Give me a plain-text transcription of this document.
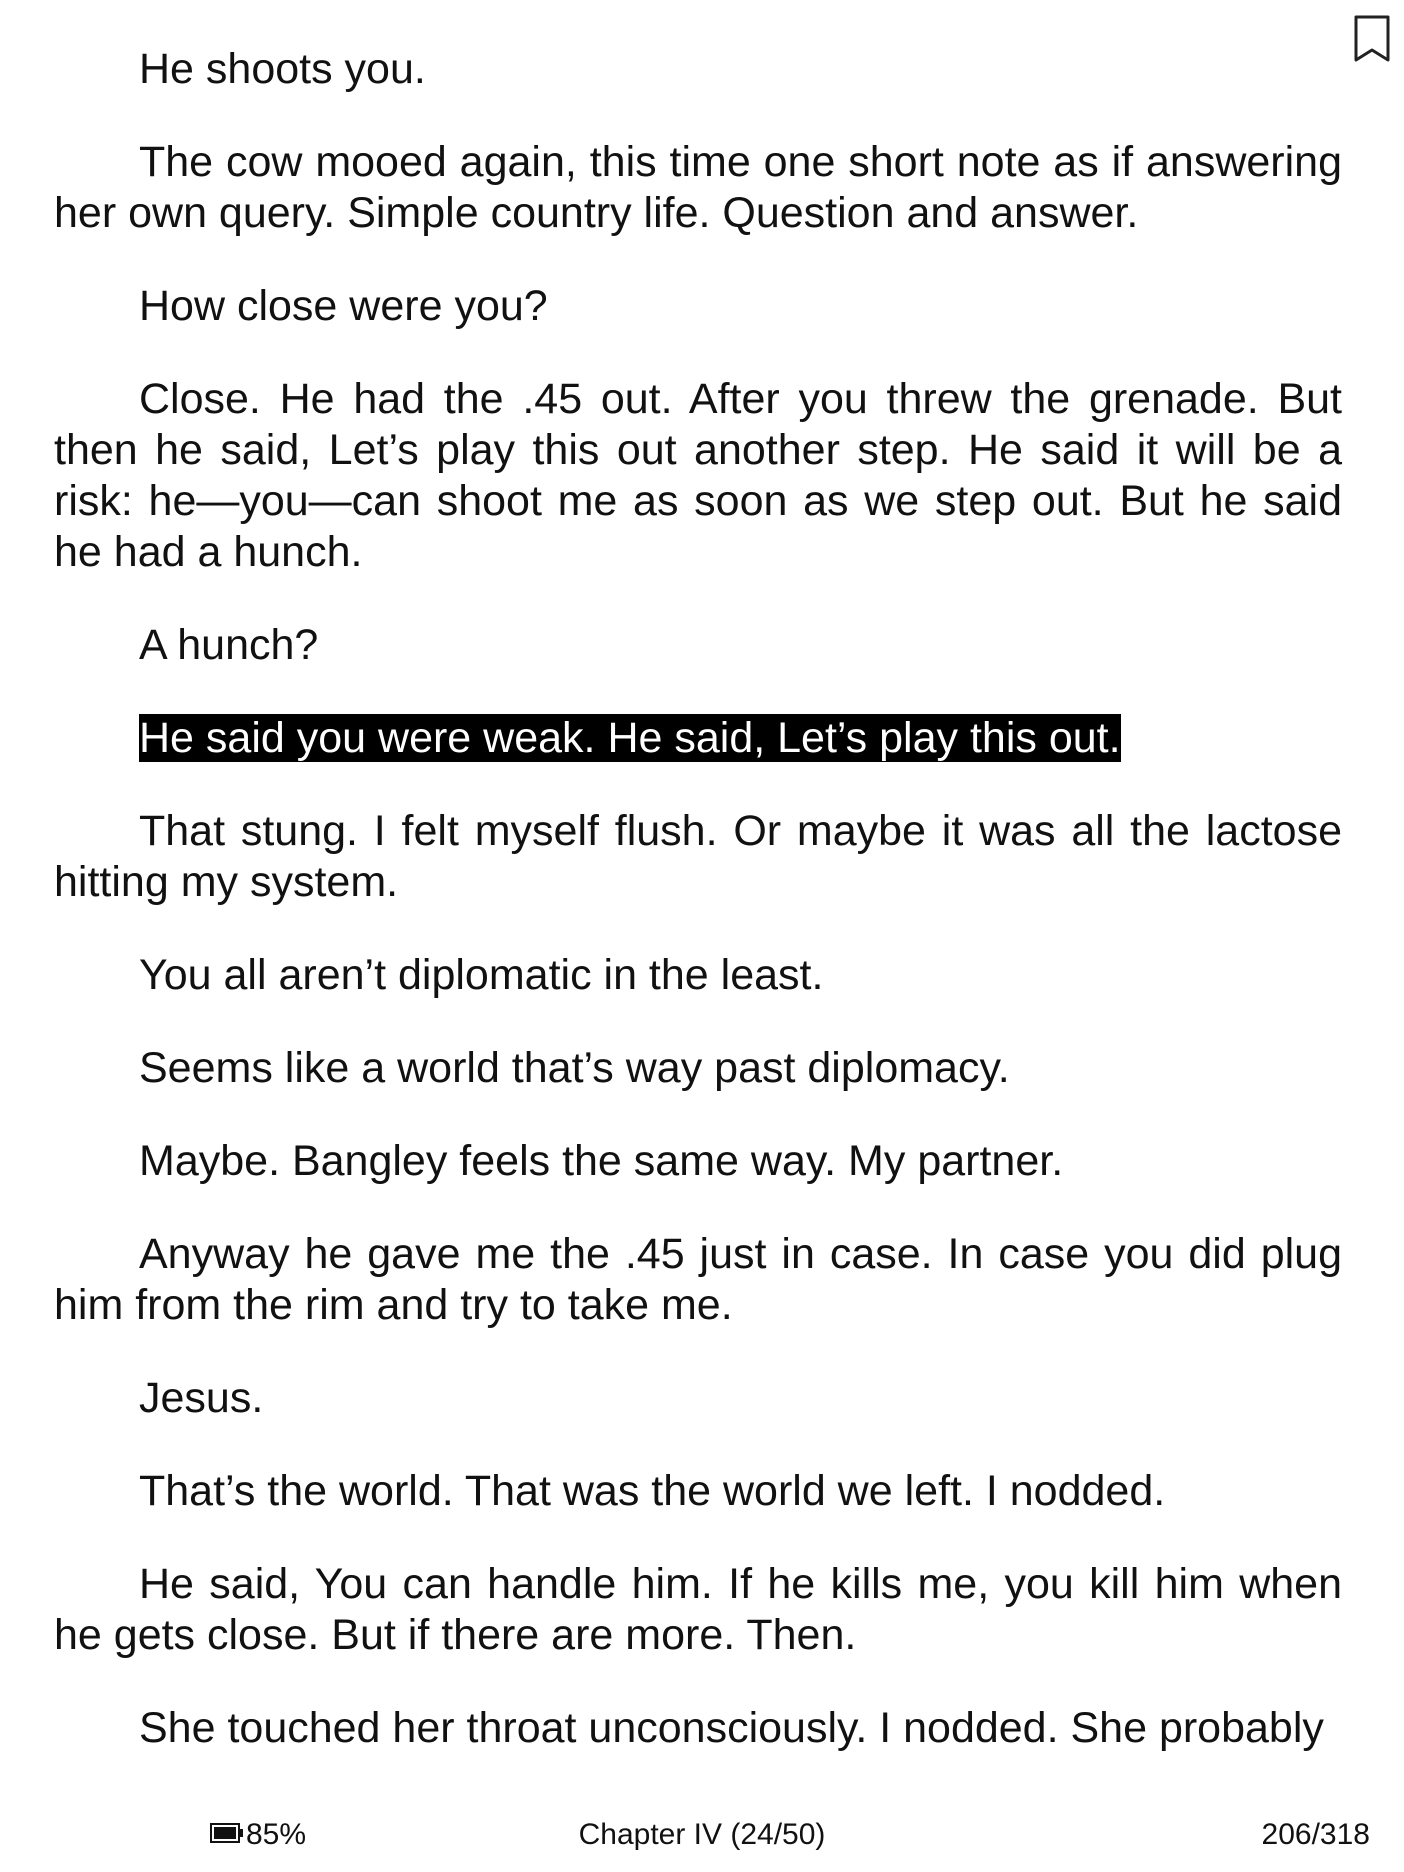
He shoots you.

The cow mooed again, this time one short note as if answering her own query. Simple country life. Question and answer.

How close were you?

Close. He had the .45 out. After you threw the grenade. But then he said, Let’s play this out another step. He said it will be a risk: he—you—can shoot me as soon as we step out. But he said he had a hunch.

A hunch?

He said you were weak. He said, Let’s play this out.

That stung. I felt myself flush. Or maybe it was all the lactose hitting my system.

You all aren’t diplomatic in the least.

Seems like a world that’s way past diplomacy.

Maybe. Bangley feels the same way. My partner.

Anyway he gave me the .45 just in case. In case you did plug him from the rim and try to take me.

Jesus.

That’s the world. That was the world we left. I nodded.

He said, You can handle him. If he kills me, you kill him when he gets close. But if there are more. Then.

She touched her throat unconsciously. I nodded. She probably

85%	Chapter IV (24/50)	206/318
